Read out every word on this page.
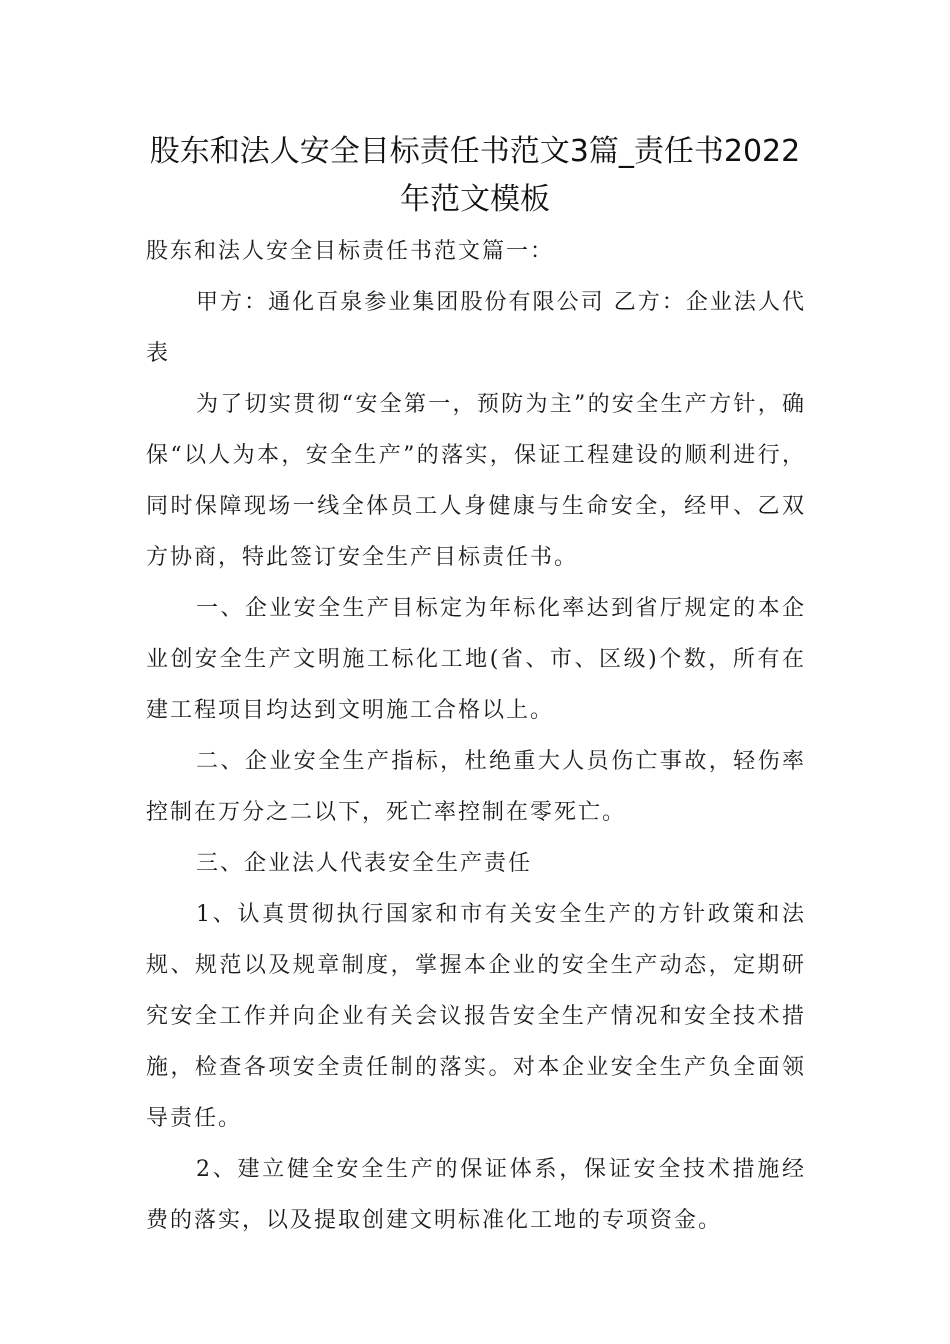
股东和法人安全目标责任书范文3篇_责任书2022年范文模板

股东和法人安全目标责任书范文篇一：

甲方：通化百泉参业集团股份有限公司 乙方：企业法人代表

为了切实贯彻“安全第一，预防为主”的安全生产方针，确保“以人为本，安全生产”的落实，保证工程建设的顺利进行，同时保障现场一线全体员工人身健康与生命安全，经甲、乙双方协商，特此签订安全生产目标责任书。

一、企业安全生产目标定为年标化率达到省厅规定的本企业创安全生产文明施工标化工地(省、市、区级)个数，所有在建工程项目均达到文明施工合格以上。

二、企业安全生产指标，杜绝重大人员伤亡事故，轻伤率控制在万分之二以下，死亡率控制在零死亡。

三、企业法人代表安全生产责任

1、认真贯彻执行国家和市有关安全生产的方针政策和法规、规范以及规章制度，掌握本企业的安全生产动态，定期研究安全工作并向企业有关会议报告安全生产情况和安全技术措施，检查各项安全责任制的落实。对本企业安全生产负全面领导责任。

2、建立健全安全生产的保证体系，保证安全技术措施经费的落实，以及提取创建文明标准化工地的专项资金。
